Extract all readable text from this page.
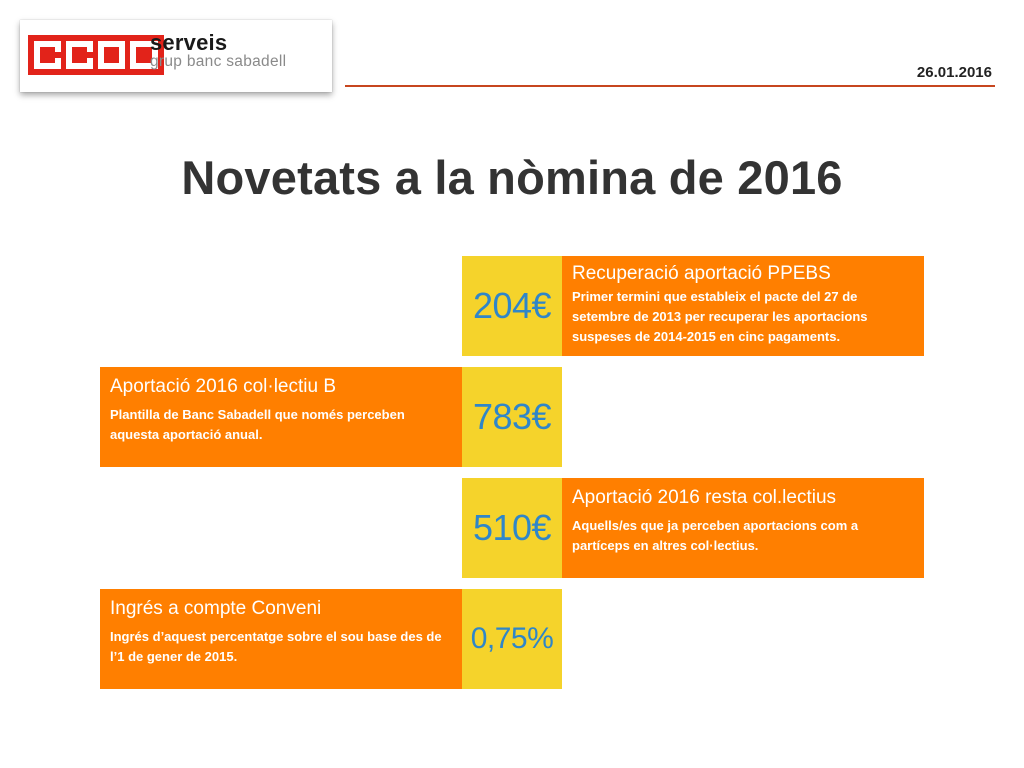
serveis
grup banc sabadell
26.01.2016
Novetats a la nòmina de 2016
204€
Recuperació aportació PPEBS
Primer termini que estableix el pacte del 27 de setembre de 2013 per recuperar les aportacions suspeses de 2014-2015 en cinc pagaments.
Aportació 2016 col·lectiu B
Plantilla de Banc Sabadell que només perceben aquesta aportació anual.	783€
510€
Aportació 2016 resta col.lectius
Aquells/es que ja perceben aportacions com a partíceps en altres col·lectius.
Ingrés a compte Conveni
Ingrés d’aquest percentatge sobre el sou base des de l’1 de gener de 2015.
0,75%
